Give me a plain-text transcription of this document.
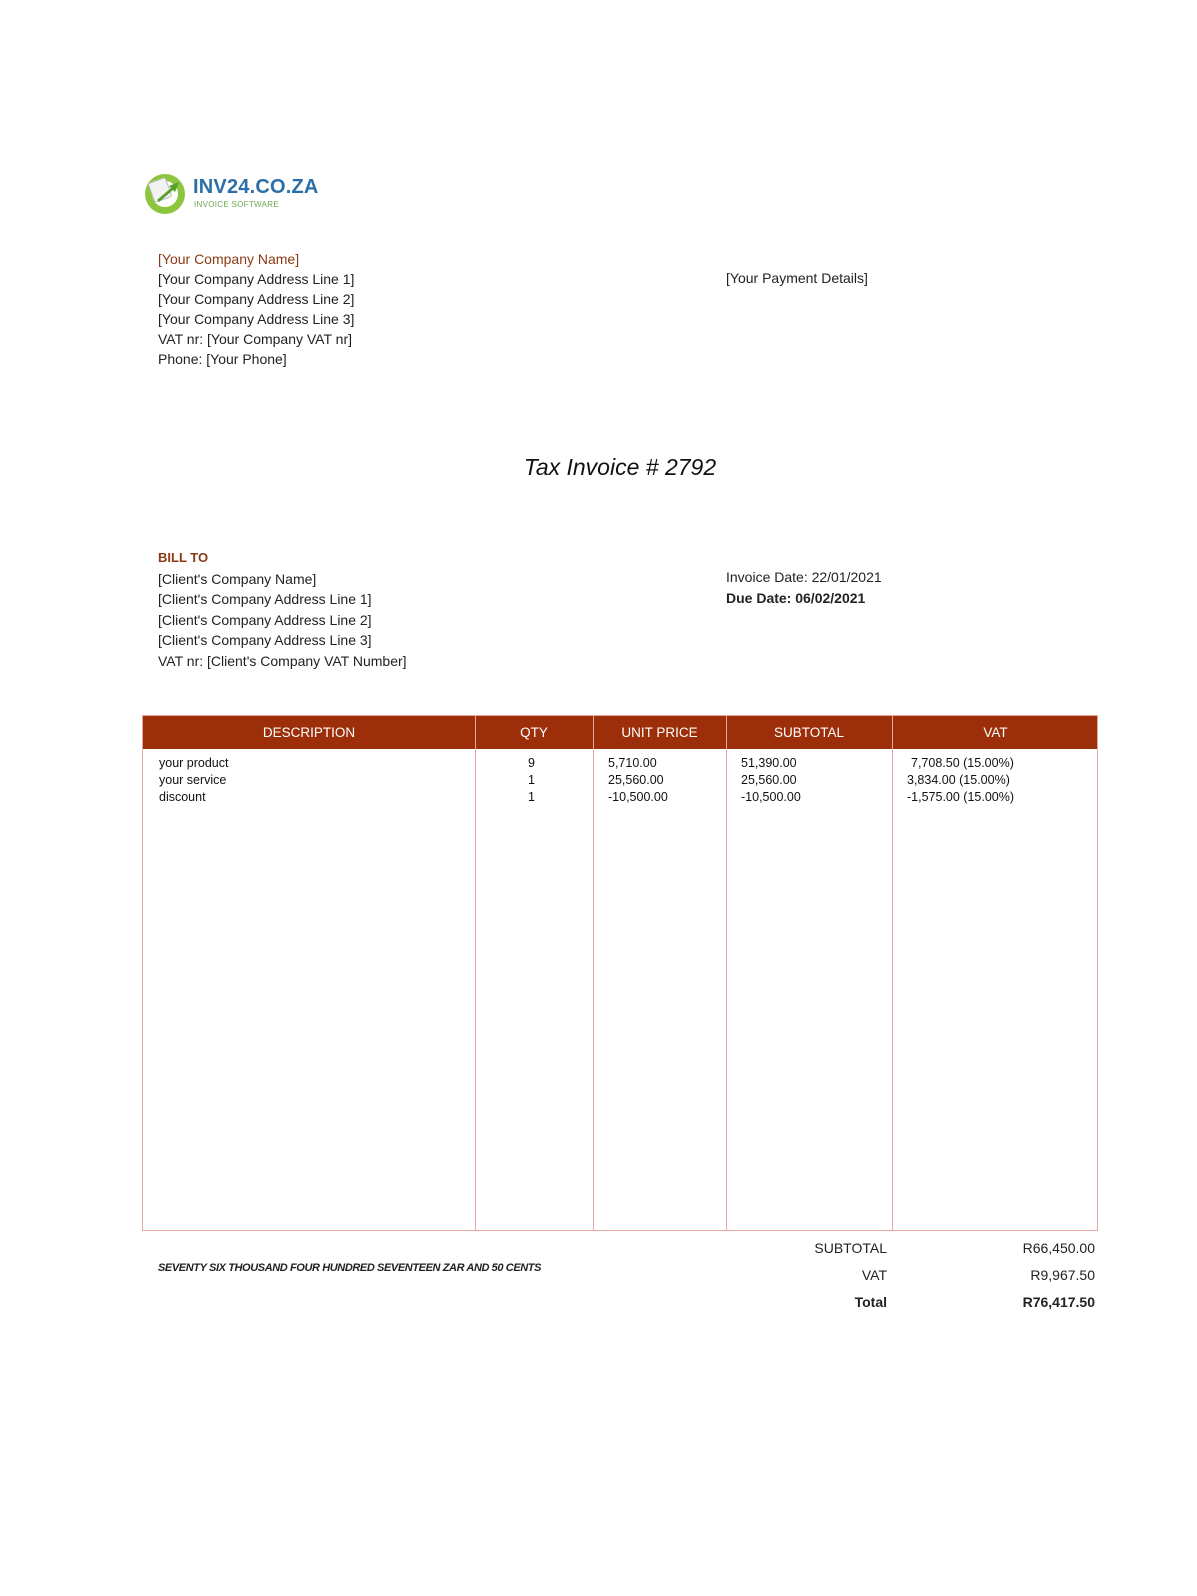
INV24.CO.ZA
INVOICE SOFTWARE
[Your Company Name]
[Your Company Address Line 1]
[Your Company Address Line 2]
[Your Company Address Line 3]
VAT nr: [Your Company VAT nr]
Phone: [Your Phone]
[Your Payment Details]
Tax Invoice # 2792
BILL TO
[Client's Company Name]
[Client's Company Address Line 1]
[Client's Company Address Line 2]
[Client's Company Address Line 3]
VAT nr: [Client's Company VAT Number]
Invoice Date: 22/01/2021
Due Date: 06/02/2021
DESCRIPTION	QTY	UNIT PRICE	SUBTOTAL	VAT
your product	9	5,710.00	51,390.00	7,708.50 (15.00%)
your service	1	25,560.00	25,560.00	3,834.00 (15.00%)
discount	1	-10,500.00	-10,500.00	-1,575.00 (15.00%)
SEVENTY SIX THOUSAND FOUR HUNDRED SEVENTEEN ZAR AND 50 CENTS
SUBTOTAL	R66,450.00
VAT	R9,967.50
Total	R76,417.50
